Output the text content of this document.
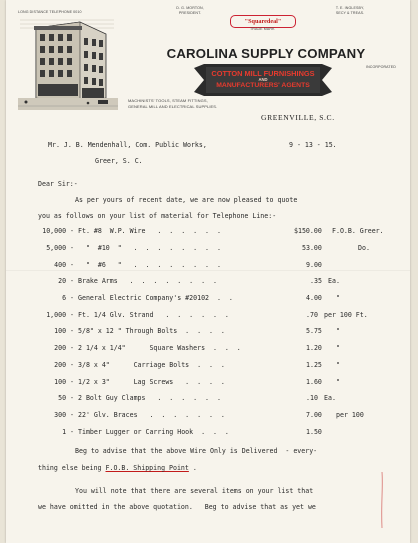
LONG DISTANCE TELEPHONE 0010
D. G. MORTON,
PRESIDENT.
T. E. INGLESBY,
SECY & TREAS.
"Squaredeal"
TRADE MARK
CAROLINA SUPPLY COMPANY
INCORPORATED
COTTON MILL FURNISHINGS
AND
MANUFACTURERS' AGENTS
MACHINISTS' TOOLS, STEAM FITTINGS,
GENERAL MILL AND ELECTRICAL SUPPLIES.
GREENVILLE, S.C.
Mr. J. B. Mendenhall, Com. Public Works,	9 - 13 - 15.
Greer, S. C.
Dear Sir:-
As per yours of recent date, we are now pleased to quote
you as follows on your list of material for Telephone Line:-
10,000 - Ft. #8  W.P. Wire   .  .  .  .  .  .	$150.00 F.O.B. Greer.
5,000 - "  #10  "   .  .  .  .  .  .  .  .	53.00	Do.
400 - "  #6   "   .  .  .  .  .  .  .  .	9.00
20 - Brake Arms   .  .  .  .  .  .  .  .	.35 Ea.
6 - General Electric Company's #20102  .  .	4.00 "
1,000 - Ft. 1/4 Glv. Strand   .  .  .  .  .  .	.70 per 100 Ft.
100 - 5/8" x 12 " Through Bolts  .  .  .  .	5.75 "
200 - 2 1/4 x 1/4"      Square Washers  .  .  .	1.20 "
200 - 3/8 x 4"      Carriage Bolts  .  .  .	1.25 "
100 - 1/2 x 3"      Lag Screws   .  .  .  .	1.60 "
50 - 2 Bolt Guy Clamps   .  .  .  .  .  .	.10 Ea.
300 - 22' Glv. Braces   .  .  .  .  .  .  .	7.00 per 100
1 - Timber Lugger or Carring Hook  .  .  .	1.50
Beg to advise that the above Wire Only is Delivered  - every-
thing else being F.O.B. Shipping Point .
You will note that there are several items on your list that
we have omitted in the above quotation.   Beg to advise that as yet we
